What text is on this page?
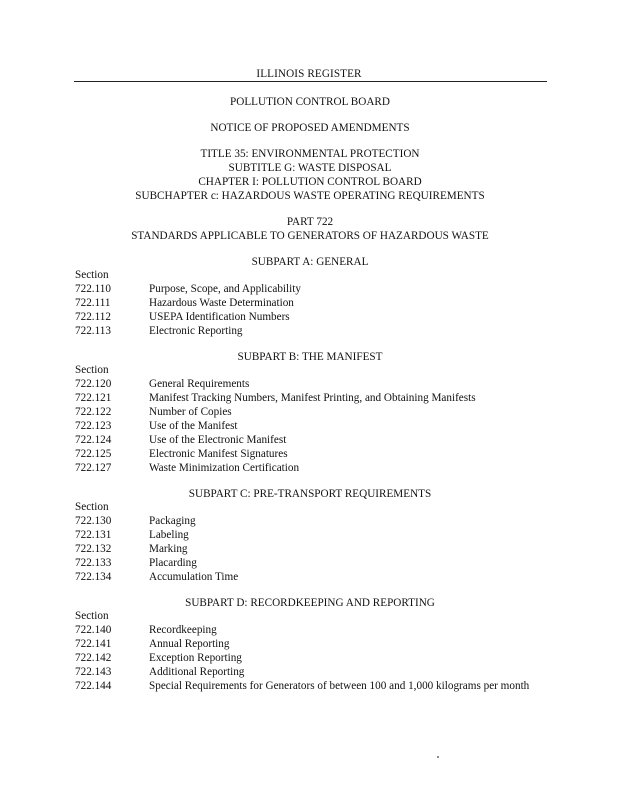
ILLINOIS REGISTER
POLLUTION CONTROL BOARD
NOTICE OF PROPOSED AMENDMENTS
TITLE 35: ENVIRONMENTAL PROTECTION
SUBTITLE G: WASTE DISPOSAL
CHAPTER I: POLLUTION CONTROL BOARD
SUBCHAPTER c: HAZARDOUS WASTE OPERATING REQUIREMENTS
PART 722
STANDARDS APPLICABLE TO GENERATORS OF HAZARDOUS WASTE
SUBPART A: GENERAL
Section
722.110	Purpose, Scope, and Applicability
722.111	Hazardous Waste Determination
722.112	USEPA Identification Numbers
722.113	Electronic Reporting
SUBPART B: THE MANIFEST
Section
722.120	General Requirements
722.121	Manifest Tracking Numbers, Manifest Printing, and Obtaining Manifests
722.122	Number of Copies
722.123	Use of the Manifest
722.124	Use of the Electronic Manifest
722.125	Electronic Manifest Signatures
722.127	Waste Minimization Certification
SUBPART C: PRE-TRANSPORT REQUIREMENTS
Section
722.130	Packaging
722.131	Labeling
722.132	Marking
722.133	Placarding
722.134	Accumulation Time
SUBPART D: RECORDKEEPING AND REPORTING
Section
722.140	Recordkeeping
722.141	Annual Reporting
722.142	Exception Reporting
722.143	Additional Reporting
722.144	Special Requirements for Generators of between 100 and 1,000 kilograms per month
